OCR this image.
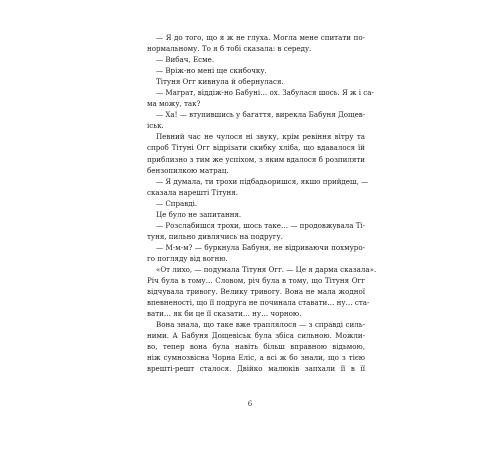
— Я до того, що я ж не глуха. Могла мене спитати по-
нормальному. То я б тобі сказала: в середу.
— Вибач, Есме.
— Вріж-но мені ще скибочку.
Тітуня Огг кивнула й обернулася.
— Маграт, віддіж-но Бабуні… ох. Забулася шось. Я ж і са-
ма можу, так?
— Ха! — втупившись у багаття, вирекла Бабуня Дощев-
іськ.
Певний час не чулося ні звуку, крім ревіння вітру та
спроб Тітуні Огг відрізати скибку хліба, що вдавалося їй
приблизно з тим же успіхом, з яким вдалося б розпиляти
бензопилкою матрац.
— Я думала, ти трохи підбадьоришся, якшо прийдеш, —
сказала нарешті Тітуня.
— Справді.
Це було не запитання.
— Розслабишся трохи, шось таке… — продовжувала Ті-
туня, пильно дивлячись на подругу.
— М-м-м? — буркнула Бабуня, не відриваючи похмуро-
го погляду від вогню.
«От лихо, — подумала Тітуня Огг. — Це я дарма сказала».
Річ була в тому… Словом, річ була в тому, що Тітуня Огг
відчувала тривогу. Велику тривогу. Вона не мала жодної
впевненості, що її подруга не починала ставати… ну… ста-
вати… як би це її сказати… ну… чорною.
Вона знала, що таке вже траплялося — з справді силь-
ними. А Бабуня Дощевіськ була збіса сильною. Можли-
во, тепер вона була навіть більш вправною відьмою,
ніж сумнозвісна Чорна Еліс, а всі ж бо знали, що з тією
врешті-решт сталося. Двійко малюків запхали її в її
6
